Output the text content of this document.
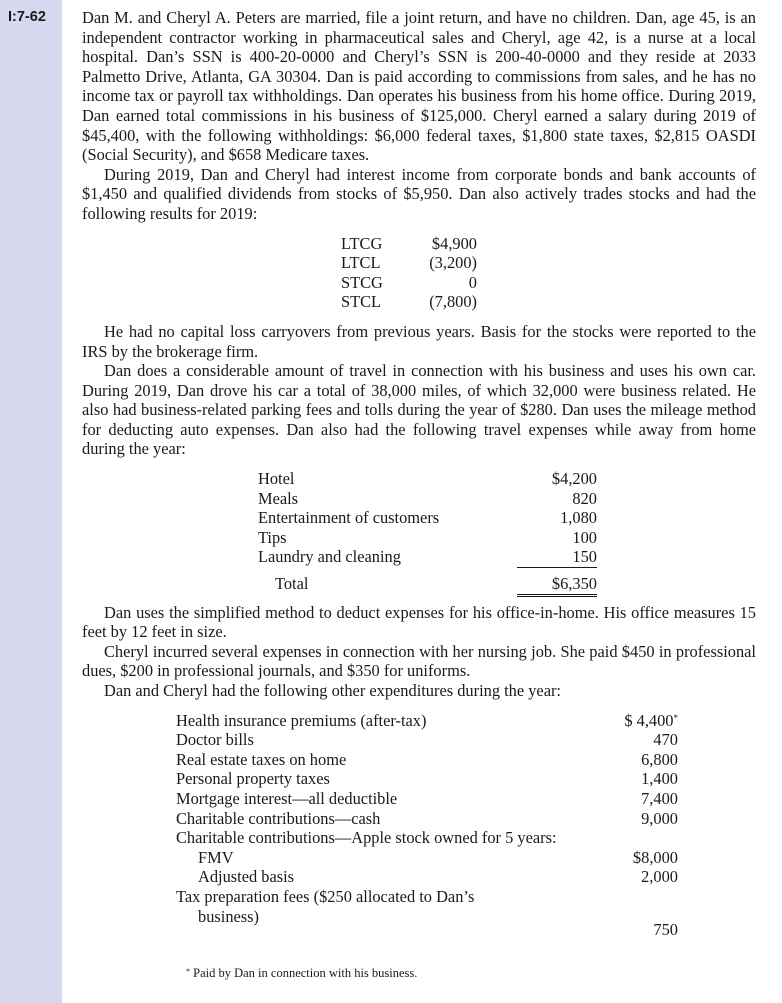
I:7-62 Dan M. and Cheryl A. Peters are married, file a joint return, and have no children. Dan, age 45, is an independent contractor working in pharmaceutical sales and Cheryl, age 42, is a nurse at a local hospital. Dan’s SSN is 400-20-0000 and Cheryl’s SSN is 200-40-0000 and they reside at 2033 Palmetto Drive, Atlanta, GA 30304. Dan is paid according to commissions from sales, and he has no income tax or payroll tax withholdings. Dan operates his business from his home office. During 2019, Dan earned total commissions in his business of $125,000. Cheryl earned a salary during 2019 of $45,400, with the following withholdings: $6,000 federal taxes, $1,800 state taxes, $2,815 OASDI (Social Security), and $658 Medicare taxes.

During 2019, Dan and Cheryl had interest income from corporate bonds and bank accounts of $1,450 and qualified dividends from stocks of $5,950. Dan also actively trades stocks and had the following results for 2019:

LTCG	$4,900
LTCL	(3,200)
STCG	0
STCL	(7,800)

He had no capital loss carryovers from previous years. Basis for the stocks were reported to the IRS by the brokerage firm.

Dan does a considerable amount of travel in connection with his business and uses his own car. During 2019, Dan drove his car a total of 38,000 miles, of which 32,000 were business related. He also had business-related parking fees and tolls during the year of $280. Dan uses the mileage method for deducting auto expenses. Dan also had the following travel expenses while away from home during the year:

Hotel	$4,200
Meals	820
Entertainment of customers	1,080
Tips	100
Laundry and cleaning	150
Total	$6,350

Dan uses the simplified method to deduct expenses for his office-in-home. His office measures 15 feet by 12 feet in size.

Cheryl incurred several expenses in connection with her nursing job. She paid $450 in professional dues, $200 in professional journals, and $350 for uniforms.

Dan and Cheryl had the following other expenditures during the year:

Health insurance premiums (after-tax)	$ 4,400*
Doctor bills	470
Real estate taxes on home	6,800
Personal property taxes	1,400
Mortgage interest—all deductible	7,400
Charitable contributions—cash	9,000
Charitable contributions—Apple stock owned for 5 years:	
FMV	$8,000
Adjusted basis	2,000
Tax preparation fees ($250 allocated to Dan’s	
business)	
	750
* Paid by Dan in connection with his business.
